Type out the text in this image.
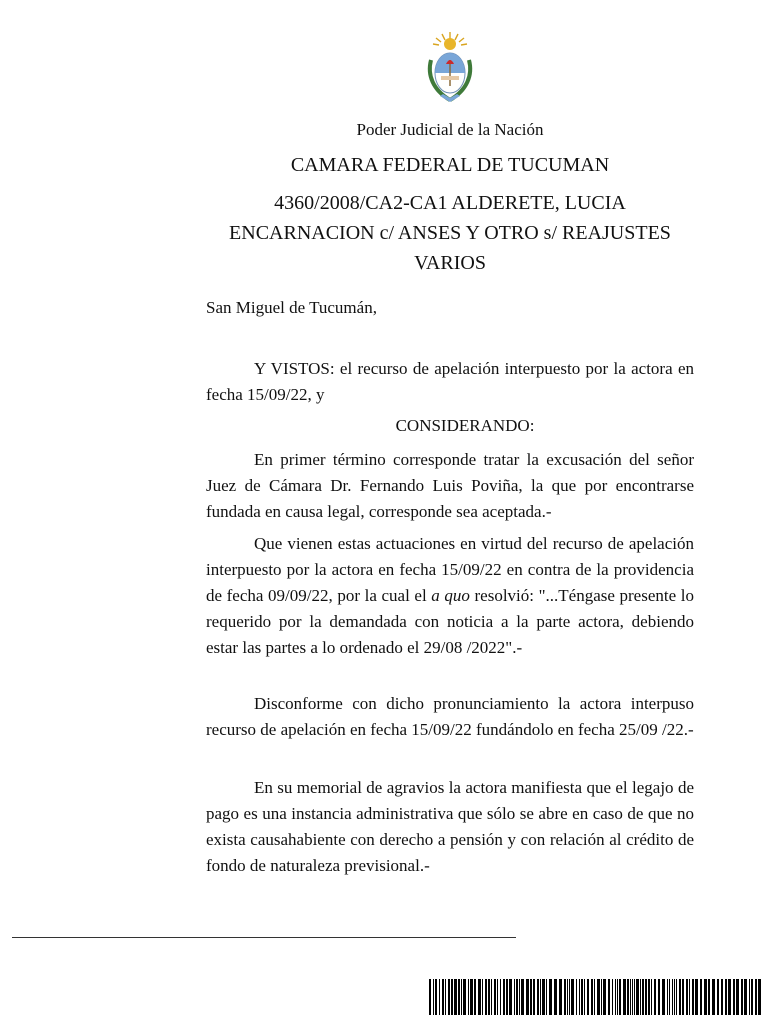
Poder Judicial de la Nación
CAMARA FEDERAL DE TUCUMAN
4360/2008/CA2-CA1 ALDERETE, LUCIA ENCARNACION c/ ANSES Y OTRO s/ REAJUSTES VARIOS

San Miguel de Tucumán,

Y VISTOS: el recurso de apelación interpuesto por la actora en fecha 15/09/22, y

CONSIDERANDO:

En primer término corresponde tratar la excusación del señor Juez de Cámara Dr. Fernando Luis Poviña, la que por encontrarse fundada en causa legal, corresponde sea aceptada.-

Que vienen estas actuaciones en virtud del recurso de apelación interpuesto por la actora en fecha 15/09/22 en contra de la providencia de fecha 09/09/22, por la cual el a quo resolvió: "...Téngase presente lo requerido por la demandada con noticia a la parte actora, debiendo estar las partes a lo ordenado el 29/08 /2022".-

Disconforme con dicho pronunciamiento la actora interpuso recurso de apelación en fecha 15/09/22 fundándolo en fecha 25/09 /22.-

En su memorial de agravios la actora manifiesta que el legajo de pago es una instancia administrativa que sólo se abre en caso de que no exista causahabiente con derecho a pensión y con relación al crédito de fondo de naturaleza previsional.-
